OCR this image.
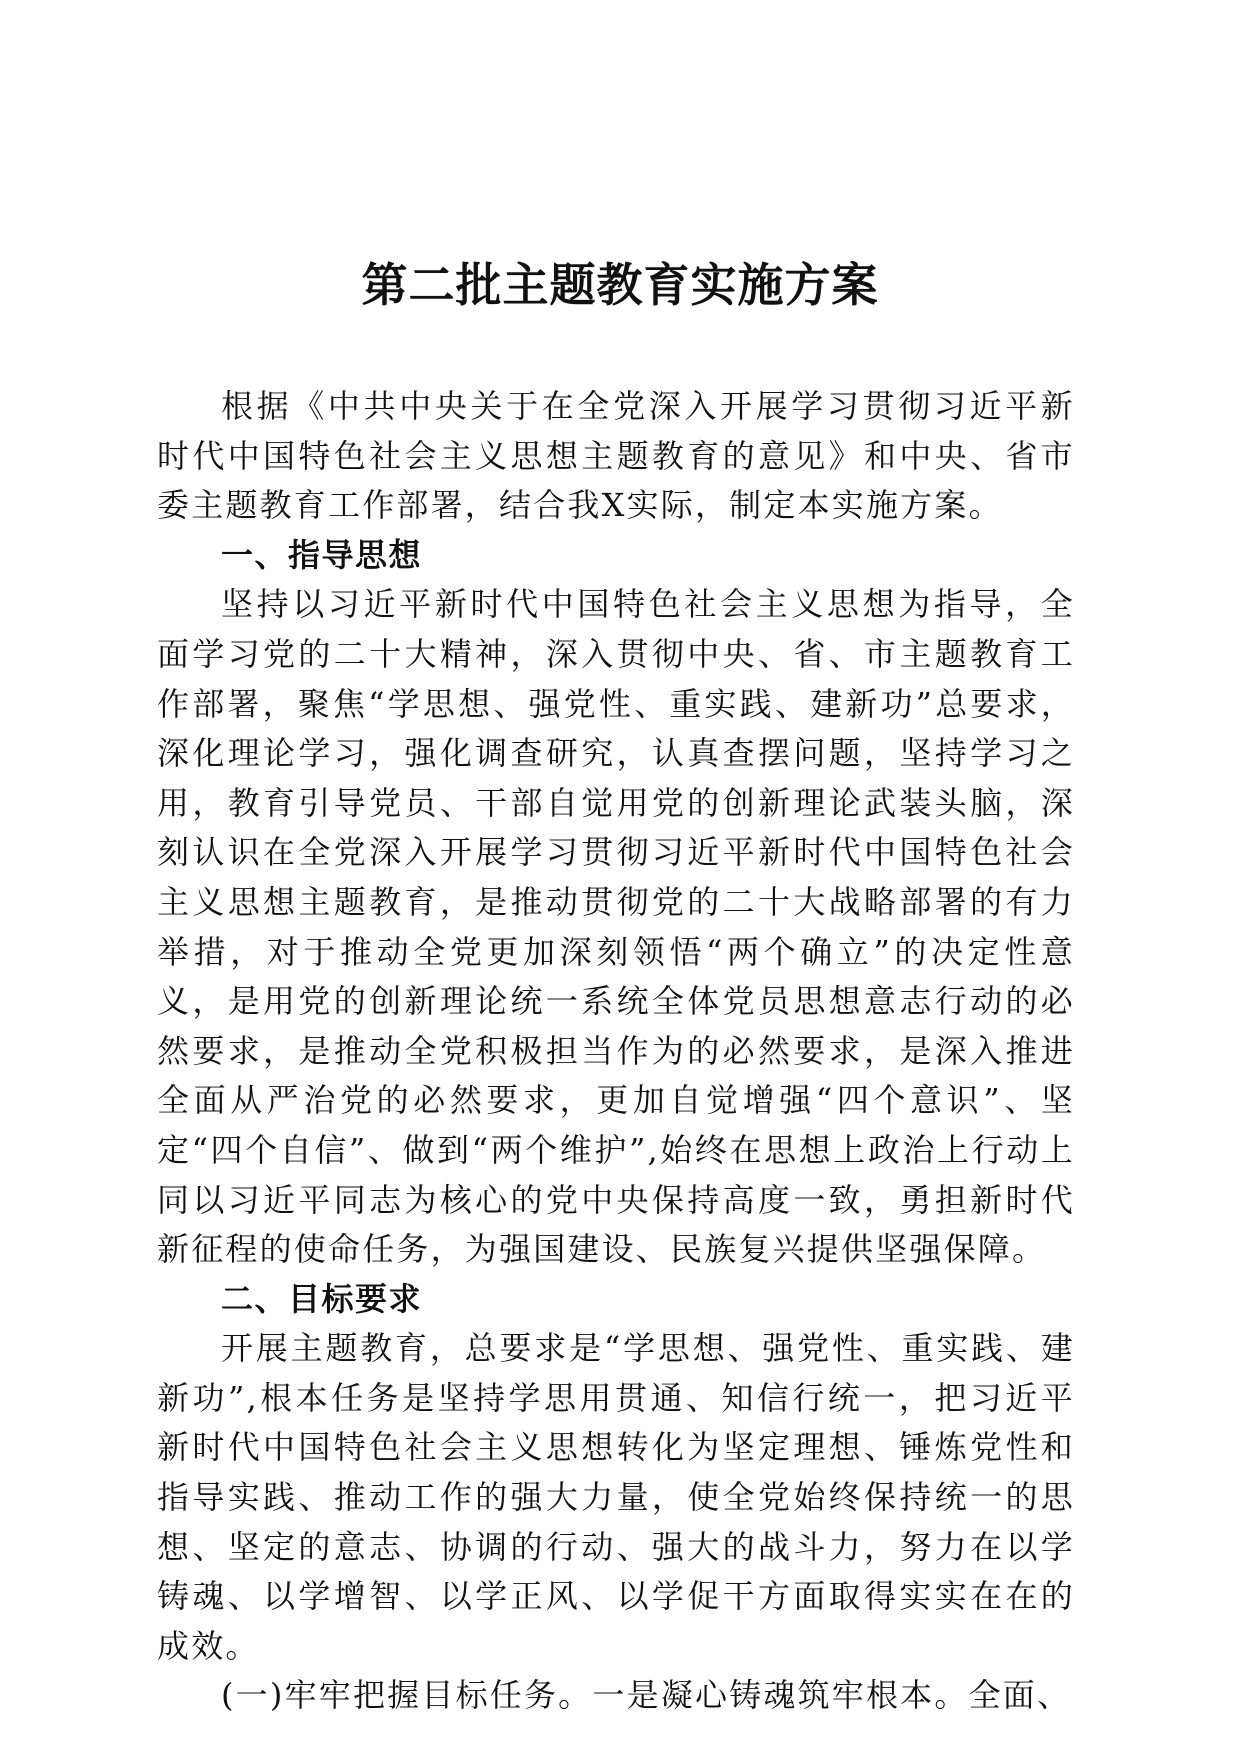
第二批主题教育实施方案

根据《中共中央关于在全党深入开展学习贯彻习近平新时代中国特色社会主义思想主题教育的意见》和中央、省市委主题教育工作部署，结合我X实际，制定本实施方案。

一、指导思想

坚持以习近平新时代中国特色社会主义思想为指导，全面学习党的二十大精神，深入贯彻中央、省、市主题教育工作部署，聚焦“学思想、强党性、重实践、建新功”总要求，深化理论学习，强化调查研究，认真查摆问题，坚持学习之用，教育引导党员、干部自觉用党的创新理论武装头脑，深刻认识在全党深入开展学习贯彻习近平新时代中国特色社会主义思想主题教育，是推动贯彻党的二十大战略部署的有力举措，对于推动全党更加深刻领悟“两个确立”的决定性意义，是用党的创新理论统一系统全体党员思想意志行动的必然要求，是推动全党积极担当作为的必然要求，是深入推进全面从严治党的必然要求，更加自觉增强“四个意识”、坚定“四个自信”、做到“两个维护”,始终在思想上政治上行动上同以习近平同志为核心的党中央保持高度一致，勇担新时代新征程的使命任务，为强国建设、民族复兴提供坚强保障。

二、目标要求

开展主题教育，总要求是“学思想、强党性、重实践、建新功”,根本任务是坚持学思用贯通、知信行统一，把习近平新时代中国特色社会主义思想转化为坚定理想、锤炼党性和指导实践、推动工作的强大力量，使全党始终保持统一的思想、坚定的意志、协调的行动、强大的战斗力，努力在以学铸魂、以学增智、以学正风、以学促干方面取得实实在在的成效。

(一)牢牢把握目标任务。一是凝心铸魂筑牢根本。全面、
